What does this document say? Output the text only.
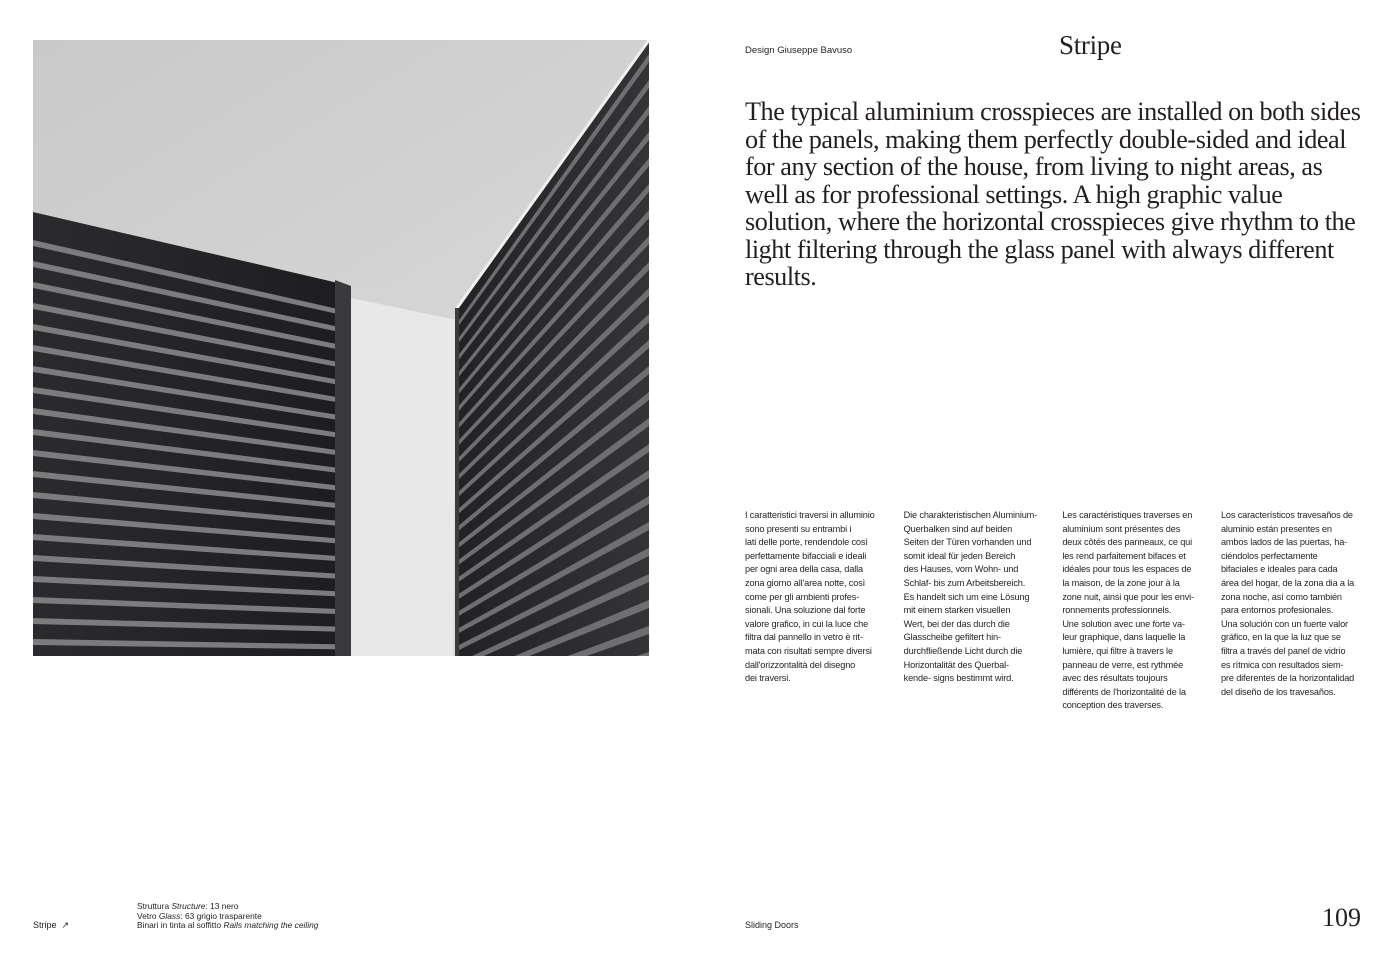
Design Giuseppe Bavuso	Stripe

The typical aluminium crosspieces are installed on both sides of the panels, making them perfectly double-sided and ideal for any section of the house, from living to night areas, as well as for professional settings. A high graphic value solution, where the horizontal crosspieces give rhythm to the light filtering through the glass panel with always different results.

I caratteristici traversi in alluminio
sono presenti su entrambi i
lati delle porte, rendendole così
perfettamente bifacciali e ideali
per ogni area della casa, dalla
zona giorno all'area notte, così
come per gli ambienti profes-
sionali. Una soluzione dal forte
valore grafico, in cui la luce che
filtra dal pannello in vetro è rit-
mata con risultati sempre diversi
dall'orizzontalità del disegno
dei traversi.

Die charakteristischen Aluminium-
Querbalken sind auf beiden
Seiten der Türen vorhanden und
somit ideal für jeden Bereich
des Hauses, vom Wohn- und
Schlaf- bis zum Arbeitsbereich.
Es handelt sich um eine Lösung
mit einem starken visuellen
Wert, bei der das durch die
Glasscheibe gefiltert hin-
durchfließende Licht durch die
Horizontalität des Querbal-
kende- signs bestimmt wird.

Les caractéristiques traverses en
aluminium sont présentes des
deux côtés des panneaux, ce qui
les rend parfaitement bifaces et
idéales pour tous les espaces de
la maison, de la zone jour à la
zone nuit, ainsi que pour les envi-
ronnements professionnels.
Une solution avec une forte va-
leur graphique, dans laquelle la
lumière, qui filtre à travers le
panneau de verre, est rythmée
avec des résultats toujours
différents de l'horizontalité de la
conception des traverses.

Los característicos travesaños de
aluminio están presentes en
ambos lados de las puertas, ha-
ciéndolos perfectamente
bifaciales e ideales para cada
área del hogar, de la zona dia a la
zona noche, así como también
para entornos profesionales.
Una solución con un fuerte valor
gráfico, en la que la luz que se
filtra a través del panel de vidrio
es rítmica con resultados siem-
pre diferentes de la horizontalidad
del diseño de los travesaños.

Struttura Structure: 13 nero
Vetro Glass: 63 grigio trasparente
Binari in tinta al soffitto Rails matching the ceiling
Stripe ↗	Sliding Doors	109
